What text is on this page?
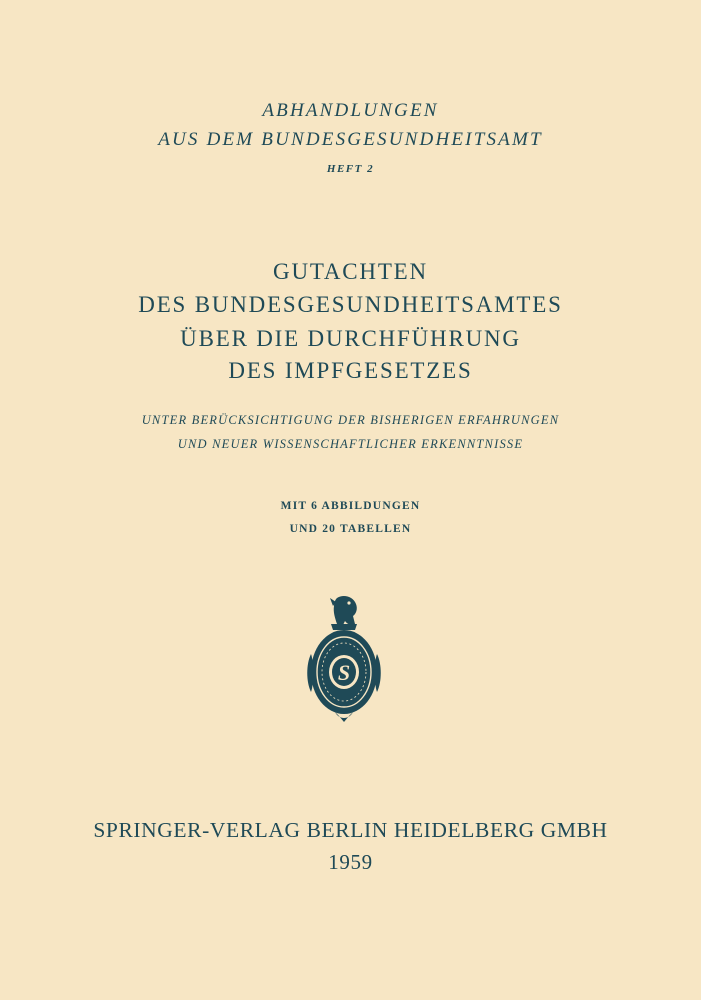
ABHANDLUNGEN
AUS DEM BUNDESGESUNDHEITSAMT
HEFT 2
GUTACHTEN
DES BUNDESGESUNDHEITSAMTES
ÜBER DIE DURCHFÜHRUNG
DES IMPFGESETZES
UNTER BERÜCKSICHTIGUNG DER BISHERIGEN ERFAHRUNGEN
UND NEUER WISSENSCHAFTLICHER ERKENNTNISSE
MIT 6 ABBILDUNGEN
UND 20 TABELLEN
S
SPRINGER-VERLAG BERLIN HEIDELBERG GMBH
1959
